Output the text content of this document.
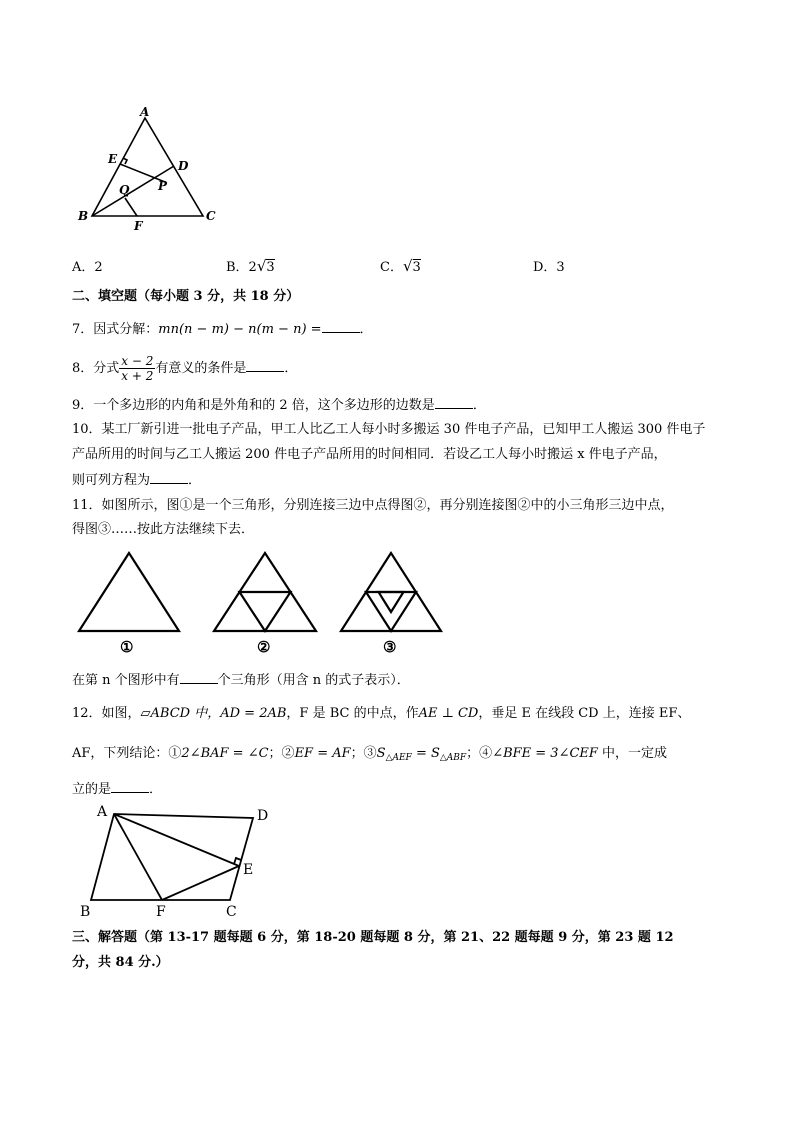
A
E	D
P
Q
B
F
C
A．2	B．2√3	C．√3	D．3
二、填空题（每小题 3 分，共 18 分）
7．因式分解：mn(n − m) − n(m − n) =	．
8．分式 $\frac{x - 2}{x + 2}$ 有意义的条件是	．
9．一个多边形的内角和是外角和的 2 倍，这个多边形的边数是	．
10．某工厂新引进一批电子产品，甲工人比乙工人每小时多搬运 30 件电子产品，已知甲工人搬运 300 件电子
产品所用的时间与乙工人搬运 200 件电子产品所用的时间相同．若设乙工人每小时搬运 x 件电子产品，
则可列方程为	．
11．如图所示，图①是一个三角形，分别连接三边中点得图②，再分别连接图②中的小三角形三边中点，
得图③……按此方法继续下去．
①	②	③
在第 n 个图形中有	个三角形（用含 n 的式子表示）．
12．如图，▱ABCD 中，AD = 2AB，F 是 BC 的中点，作AE ⊥ CD，垂足 E 在线段 CD 上，连接 EF、
AF，下列结论：①2∠BAF = ∠C；②EF = AF；$③S_{\triangle AEF} = S_{\triangle ABF}$；④∠BFE = 3∠CEF 中，一定成
立的是	．
A	D
E
B	F	C
三、解答题（第 13-17 题每题 6 分，第 18-20 题每题 8 分，第 21、22 题每题 9 分，第 23 题 12
分，共 84 分.）
